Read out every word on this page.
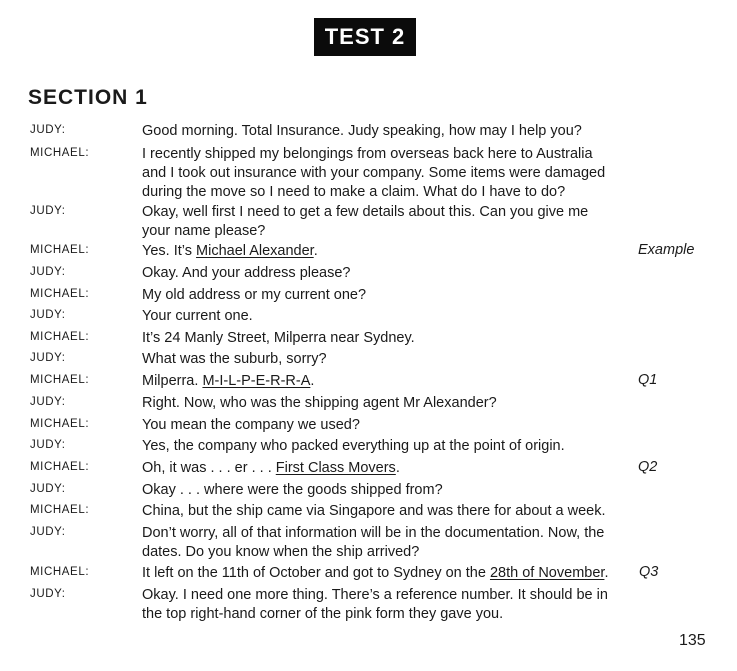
TEST 2
SECTION 1
JUDY:	Good morning. Total Insurance. Judy speaking, how may I help you?
MICHAEL:	I recently shipped my belongings from overseas back here to Australia
and I took out insurance with your company. Some items were damaged
during the move so I need to make a claim. What do I have to do?
JUDY:	Okay, well first I need to get a few details about this. Can you give me
your name please?
MICHAEL:	Yes. It’s Michael Alexander.	Example
JUDY:	Okay. And your address please?
MICHAEL:	My old address or my current one?
JUDY:	Your current one.
MICHAEL:	It’s 24 Manly Street, Milperra near Sydney.
JUDY:	What was the suburb, sorry?
MICHAEL:	Milperra. M-I-L-P-E-R-R-A.	Q1
JUDY:	Right. Now, who was the shipping agent Mr Alexander?
MICHAEL:	You mean the company we used?
JUDY:	Yes, the company who packed everything up at the point of origin.
MICHAEL:	Oh, it was . . . er . . . First Class Movers.	Q2
JUDY:	Okay . . . where were the goods shipped from?
MICHAEL:	China, but the ship came via Singapore and was there for about a week.
JUDY:	Don’t worry, all of that information will be in the documentation. Now, the
dates. Do you know when the ship arrived?
MICHAEL:	It left on the 11th of October and got to Sydney on the 28th of November.	Q3
JUDY:	Okay. I need one more thing. There’s a reference number. It should be in
the top right-hand corner of the pink form they gave you.
135
